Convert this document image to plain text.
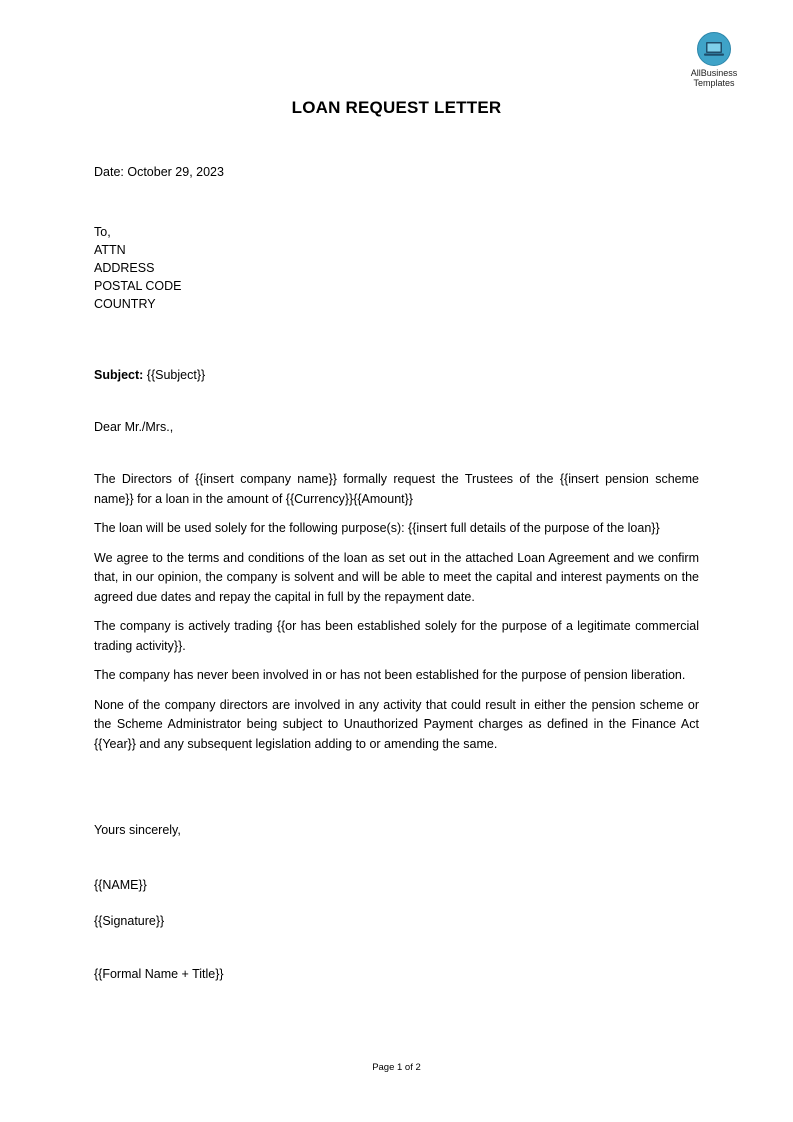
AllBusiness
Templates
LOAN REQUEST LETTER
Date: October 29, 2023
To,
ATTN
ADDRESS
POSTAL CODE
COUNTRY
Subject: {{Subject}}
Dear Mr./Mrs.,

The Directors of {{insert company name}} formally request the Trustees of the {{insert pension scheme name}} for a loan in the amount of {{Currency}}{{Amount}}

The loan will be used solely for the following purpose(s): {{insert full details of the purpose of the loan}}

We agree to the terms and conditions of the loan as set out in the attached Loan Agreement and we confirm that, in our opinion, the company is solvent and will be able to meet the capital and interest payments on the agreed due dates and repay the capital in full by the repayment date.

The company is actively trading {{or has been established solely for the purpose of a legitimate commercial trading activity}}.

The company has never been involved in or has not been established for the purpose of pension liberation.

None of the company directors are involved in any activity that could result in either the pension scheme or the Scheme Administrator being subject to Unauthorized Payment charges as defined in the Finance Act {{Year}} and any subsequent legislation adding to or amending the same.

Yours sincerely,
{{NAME}}
{{Signature}}
{{Formal Name + Title}}
Page 1 of 2
